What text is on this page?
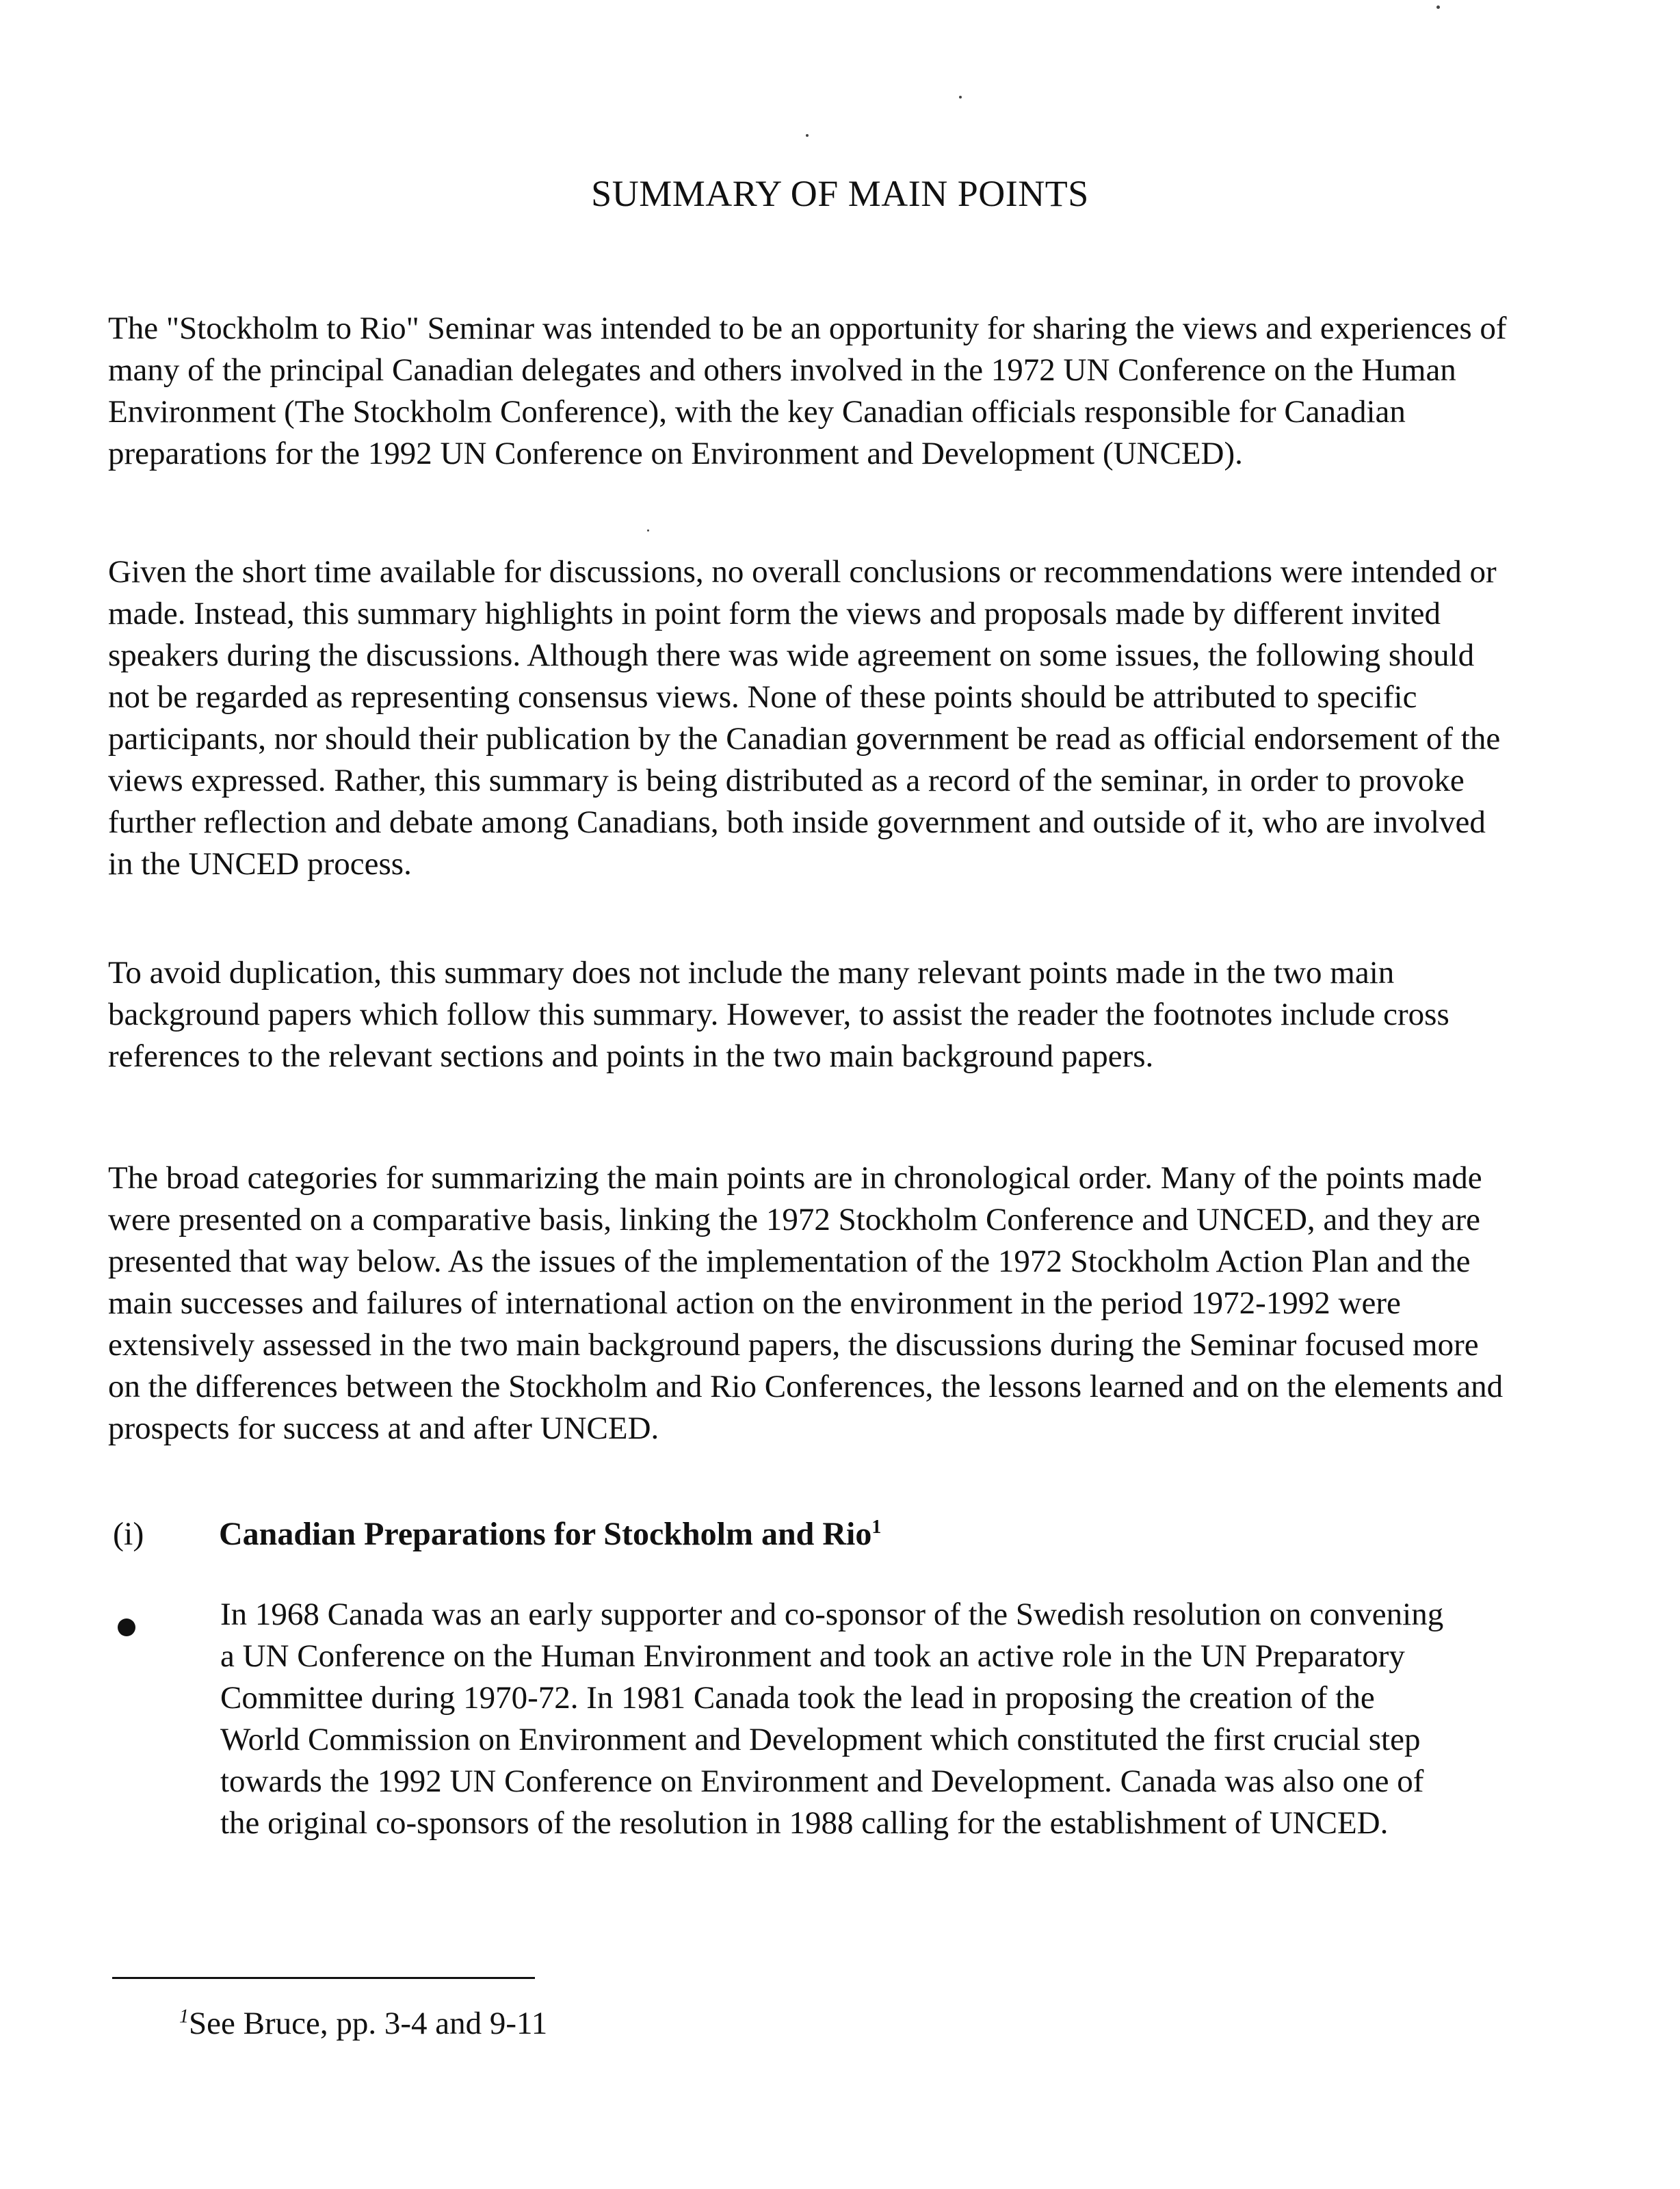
SUMMARY OF MAIN POINTS

The "Stockholm to Rio" Seminar was intended to be an opportunity for sharing the views and experiences of many of the principal Canadian delegates and others involved in the 1972 UN Conference on the Human Environment (The Stockholm Conference), with the key Canadian officials responsible for Canadian preparations for the 1992 UN Conference on Environment and Development (UNCED).

Given the short time available for discussions, no overall conclusions or recommendations were intended or made. Instead, this summary highlights in point form the views and proposals made by different invited speakers during the discussions. Although there was wide agreement on some issues, the following should not be regarded as representing consensus views. None of these points should be attributed to specific participants, nor should their publication by the Canadian government be read as official endorsement of the views expressed. Rather, this summary is being distributed as a record of the seminar, in order to provoke further reflection and debate among Canadians, both inside government and outside of it, who are involved in the UNCED process.

To avoid duplication, this summary does not include the many relevant points made in the two main background papers which follow this summary. However, to assist the reader the footnotes include cross references to the relevant sections and points in the two main background papers.

The broad categories for summarizing the main points are in chronological order. Many of the points made were presented on a comparative basis, linking the 1972 Stockholm Conference and UNCED, and they are presented that way below. As the issues of the implementation of the 1972 Stockholm Action Plan and the main successes and failures of international action on the environment in the period 1972-1992 were extensively assessed in the two main background papers, the discussions during the Seminar focused more on the differences between the Stockholm and Rio Conferences, the lessons learned and on the elements and prospects for success at and after UNCED.

(i) Canadian Preparations for Stockholm and Rio$^1$

In 1968 Canada was an early supporter and co-sponsor of the Swedish resolution on convening a UN Conference on the Human Environment and took an active role in the UN Preparatory Committee during 1970-72. In 1981 Canada took the lead in proposing the creation of the World Commission on Environment and Development which constituted the first crucial step towards the 1992 UN Conference on Environment and Development. Canada was also one of the original co-sponsors of the resolution in 1988 calling for the establishment of UNCED.

$^1$See Bruce, pp. 3-4 and 9-11
